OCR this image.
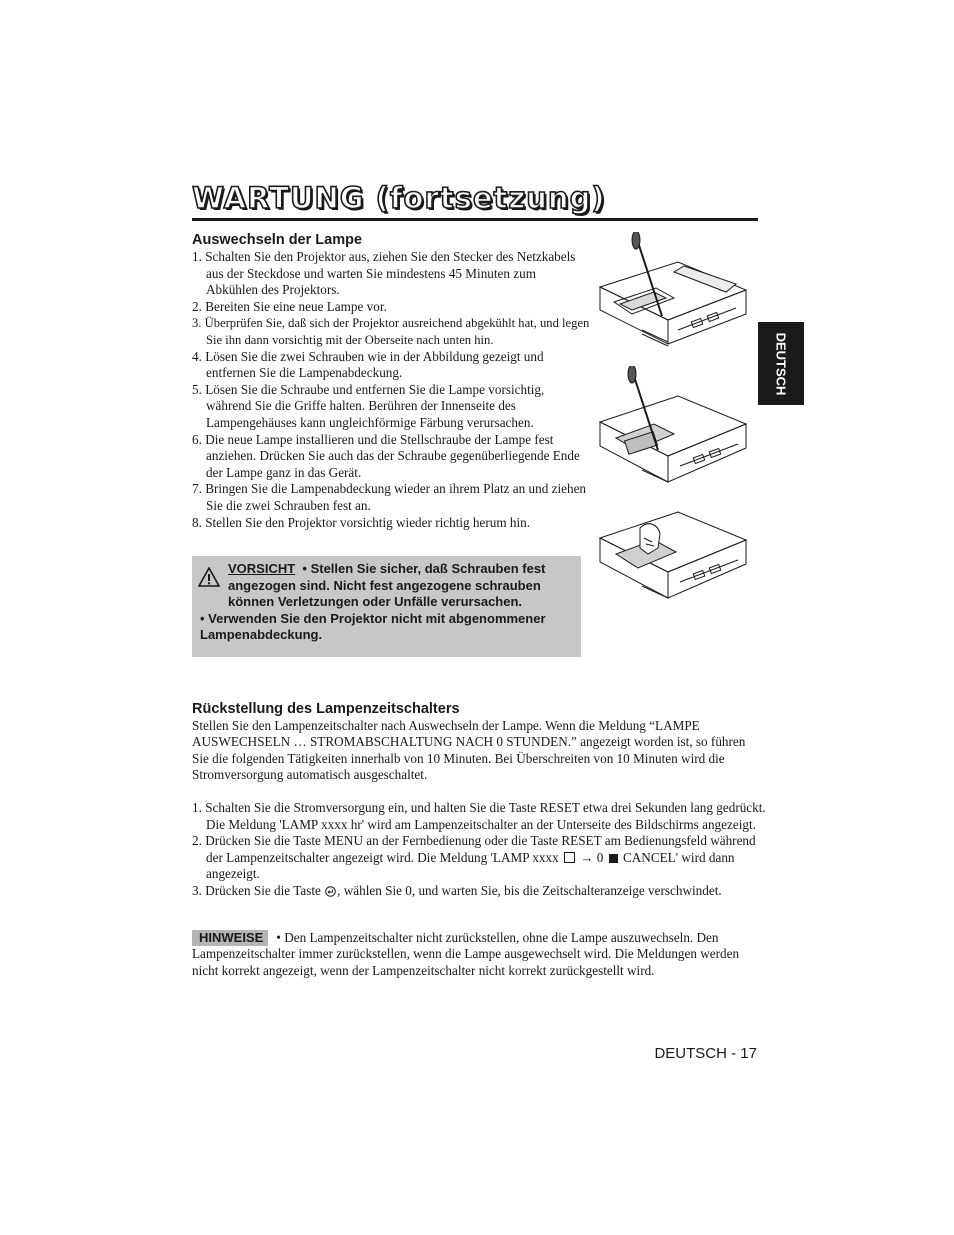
WARTUNG (fortsetzung)
Auswechseln der Lampe
1. Schalten Sie den Projektor aus, ziehen Sie den Stecker des Netzkabels aus der Steckdose und warten Sie mindestens 45 Minuten zum Abkühlen des Projektors.
2. Bereiten Sie eine neue Lampe vor.
3. Überprüfen Sie, daß sich der Projektor ausreichend abgekühlt hat, und legen Sie ihn dann vorsichtig mit der Oberseite nach unten hin.
4. Lösen Sie die zwei Schrauben wie in der Abbildung gezeigt und entfernen Sie die Lampenabdeckung.
5. Lösen Sie die Schraube und entfernen Sie die Lampe vorsichtig, während Sie die Griffe halten. Berühren der Innenseite des Lampengehäuses kann ungleichförmige Färbung verursachen.
6. Die neue Lampe installieren und die Stellschraube der Lampe fest anziehen. Drücken Sie auch das der Schraube gegenüberliegende Ende der Lampe ganz in das Gerät.
7. Bringen Sie die Lampenabdeckung wieder an ihrem Platz an und ziehen Sie die zwei Schrauben fest an.
8. Stellen Sie den Projektor vorsichtig wieder richtig herum hin.
VORSICHT • Stellen Sie sicher, daß Schrauben fest angezogen sind. Nicht fest angezogene schrauben können Verletzungen oder Unfälle verursachen.
• Verwenden Sie den Projektor nicht mit abgenommener Lampenabdeckung.
DEUTSCH
Rückstellung des Lampenzeitschalters
Stellen Sie den Lampenzeitschalter nach Auswechseln der Lampe. Wenn die Meldung “LAMPE AUSWECHSELN … STROMABSCHALTUNG NACH 0 STUNDEN.” angezeigt worden ist, so führen Sie die folgenden Tätigkeiten innerhalb von 10 Minuten. Bei Überschreiten von 10 Minuten wird die Stromversorgung automatisch ausgeschaltet.
1. Schalten Sie die Stromversorgung ein, und halten Sie die Taste RESET etwa drei Sekunden lang gedrückt. Die Meldung 'LAMP xxxx hr' wird am Lampenzeitschalter an der Unterseite des Bildschirms angezeigt.
2. Drücken Sie die Taste MENU an der Fernbedienung oder die Taste RESET am Bedienungsfeld während der Lampenzeitschalter angezeigt wird. Die Meldung 'LAMP xxxx → 0 CANCEL' wird dann angezeigt.
3. Drücken Sie die Taste , wählen Sie 0, und warten Sie, bis die Zeitschalteranzeige verschwindet.
HINWEISE • Den Lampenzeitschalter nicht zurückstellen, ohne die Lampe auszuwechseln. Den Lampenzeitschalter immer zurückstellen, wenn die Lampe ausgewechselt wird. Die Meldungen werden nicht korrekt angezeigt, wenn der Lampenzeitschalter nicht korrekt zurückgestellt wird.
DEUTSCH - 17
